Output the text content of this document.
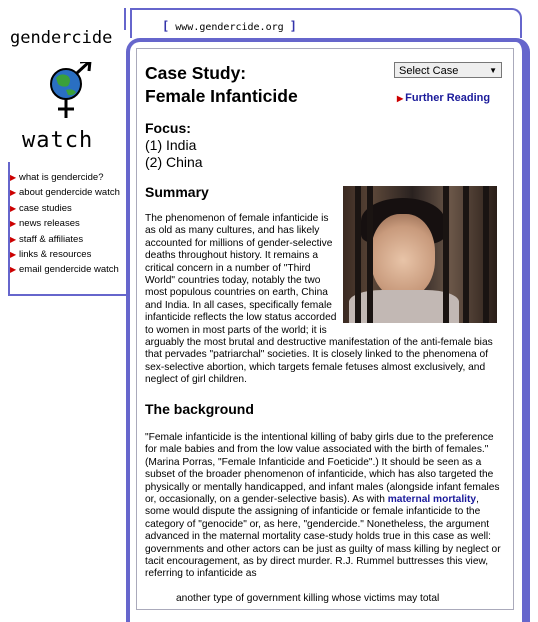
gendercide
watch
▶ what is gendercide?
▶ about gendercide watch
▶ case studies
▶ news releases
▶ staff & affiliates
▶ links & resources
▶ email gendercide watch
[ www.gendercide.org ]
Case Study:
Female Infanticide
Select Case	▼
▶ Further Reading
Focus:
(1) India
(2) China
Summary

The phenomenon of female infanticide is

as old as many cultures, and has likely

accounted for millions of gender-selective

deaths throughout history. It remains a

critical concern in a number of "Third

World" countries today, notably the two

most populous countries on earth, China

and India. In all cases, specifically female

infanticide reflects the low status accorded

to women in most parts of the world; it is

arguably the most brutal and destructive manifestation of the anti-female bias

that pervades "patriarchal" societies. It is closely linked to the phenomena of

sex-selective abortion, which targets female fetuses almost exclusively, and

neglect of girl children.

The background

"Female infanticide is the intentional killing of baby girls due to the preference

for male babies and from the low value associated with the birth of females."

(Marina Porras, "Female Infanticide and Foeticide".) It should be seen as a

subset of the broader phenomenon of infanticide, which has also targeted the

physically or mentally handicapped, and infant males (alongside infant females

or, occasionally, on a gender-selective basis). As with maternal mortality,

some would dispute the assigning of infanticide or female infanticide to the

category of "genocide" or, as here, "gendercide." Nonetheless, the argument

advanced in the maternal mortality case-study holds true in this case as well:

governments and other actors can be just as guilty of mass killing by neglect or

tacit encouragement, as by direct murder. R.J. Rummel buttresses this view,

referring to infanticide as

another type of government killing whose victims may total
